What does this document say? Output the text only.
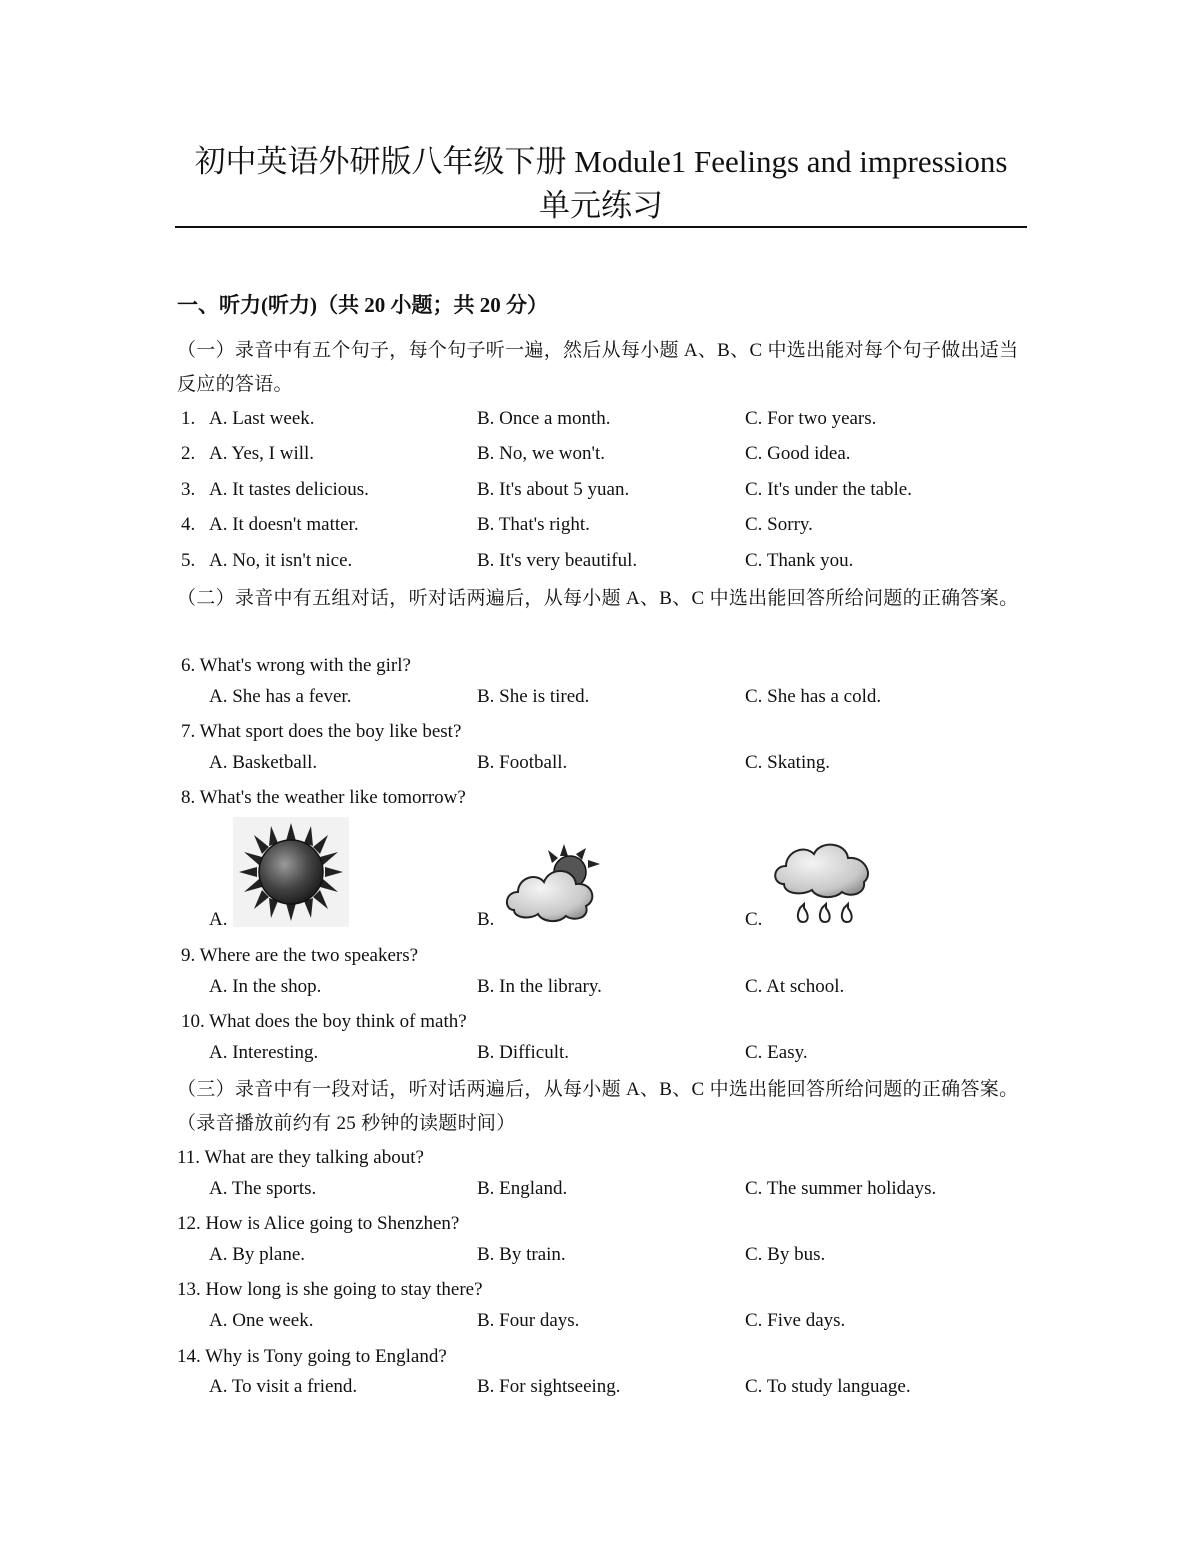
初中英语外研版八年级下册 Module1 Feelings and impressions
单元练习
一、听力(听力)（共 20 小题；共 20 分）
（一）录音中有五个句子，每个句子听一遍，然后从每小题 A、B、C 中选出能对每个句子做出适当反应的答语。
1. A. Last week.	B. Once a month.	C. For two years.
2. A. Yes, I will.	B. No, we won't.	C. Good idea.
3. A. It tastes delicious.	B. It's about 5 yuan.	C. It's under the table.
4. A. It doesn't matter.	B. That's right.	C. Sorry.
5. A. No, it isn't nice.	B. It's very beautiful.	C. Thank you.
（二）录音中有五组对话，听对话两遍后，从每小题 A、B、C 中选出能回答所给问题的正确答案。
6. What's wrong with the girl?
A. She has a fever.	B. She is tired.	C. She has a cold.
7. What sport does the boy like best?
A. Basketball.	B. Football.	C. Skating.
8. What's the weather like tomorrow?
A.	B.	C.
9. Where are the two speakers?
A. In the shop.	B. In the library.	C. At school.
10. What does the boy think of math?
A. Interesting.	B. Difficult.	C. Easy.
（三）录音中有一段对话，听对话两遍后，从每小题 A、B、C 中选出能回答所给问题的正确答案。（录音播放前约有 25 秒钟的读题时间）
11. What are they talking about?
A. The sports.	B. England.	C. The summer holidays.
12. How is Alice going to Shenzhen?
A. By plane.	B. By train.	C. By bus.
13. How long is she going to stay there?
A. One week.	B. Four days.	C. Five days.
14. Why is Tony going to England?
A. To visit a friend.	B. For sightseeing.	C. To study language.
